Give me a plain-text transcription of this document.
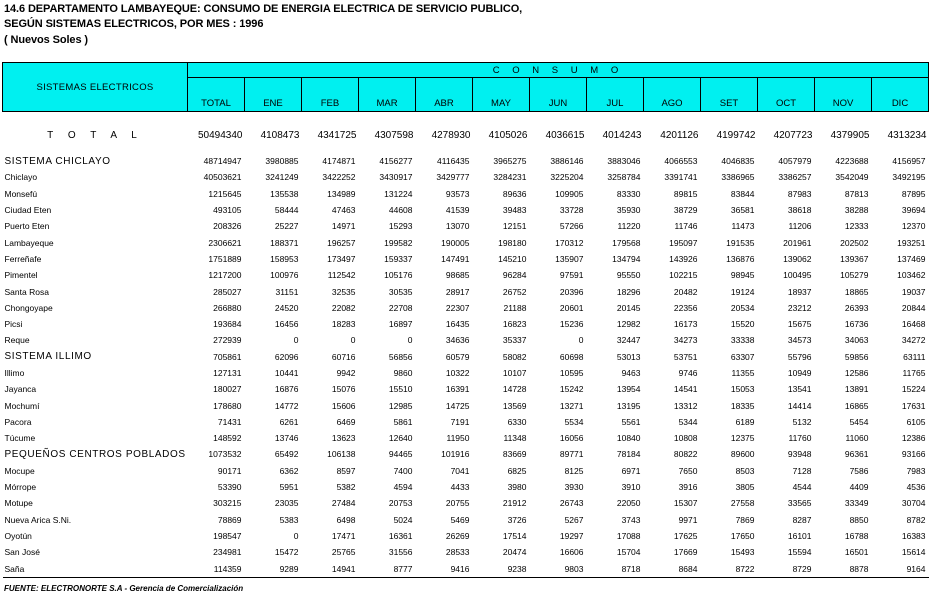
14.6 DEPARTAMENTO LAMBAYEQUE: CONSUMO DE ENERGIA ELECTRICA DE SERVICIO PUBLICO,
SEGÚN SISTEMAS ELECTRICOS, POR MES : 1996
( Nuevos Soles )
SISTEMAS ELECTRICOS	C O N S U M O												
	TOTAL	ENE	FEB	MAR	ABR	MAY	JUN	JUL	AGO	SET	OCT	NOV	DIC

T O T A L	50494340	4108473	4341725	4307598	4278930	4105026	4036615	4014243	4201126	4199742	4207723	4379905	4313234

SISTEMA CHICLAYO	48714947	3980885	4174871	4156277	4116435	3965275	3886146	3883046	4066553	4046835	4057979	4223688	4156957
Chiclayo	40503621	3241249	3422252	3430917	3429777	3284231	3225204	3258784	3391741	3386965	3386257	3542049	3492195
Monsefú	1215645	135538	134989	131224	93573	89636	109905	83330	89815	83844	87983	87813	87895
Ciudad Eten	493105	58444	47463	44608	41539	39483	33728	35930	38729	36581	38618	38288	39694
Puerto Eten	208326	25227	14971	15293	13070	12151	57266	11220	11746	11473	11206	12333	12370
Lambayeque	2306621	188371	196257	199582	190005	198180	170312	179568	195097	191535	201961	202502	193251
Ferreñafe	1751889	158953	173497	159337	147491	145210	135907	134794	143926	136876	139062	139367	137469
Pimentel	1217200	100976	112542	105176	98685	96284	97591	95550	102215	98945	100495	105279	103462
Santa Rosa	285027	31151	32535	30535	28917	26752	20396	18296	20482	19124	18937	18865	19037
Chongoyape	266880	24520	22082	22708	22307	21188	20601	20145	22356	20534	23212	26393	20844
Picsi	193684	16456	18283	16897	16435	16823	15236	12982	16173	15520	15675	16736	16468
Reque	272939	0	0	0	34636	35337	0	32447	34273	33338	34573	34063	34272
SISTEMA ILLIMO	705861	62096	60716	56856	60579	58082	60698	53013	53751	63307	55796	59856	63111
Illimo	127131	10441	9942	9860	10322	10107	10595	9463	9746	11355	10949	12586	11765
Jayanca	180027	16876	15076	15510	16391	14728	15242	13954	14541	15053	13541	13891	15224
Mochumí	178680	14772	15606	12985	14725	13569	13271	13195	13312	18335	14414	16865	17631
Pacora	71431	6261	6469	5861	7191	6330	5534	5561	5344	6189	5132	5454	6105
Túcume	148592	13746	13623	12640	11950	11348	16056	10840	10808	12375	11760	11060	12386
PEQUEÑOS CENTROS POBLADOS	1073532	65492	106138	94465	101916	83669	89771	78184	80822	89600	93948	96361	93166
Mocupe	90171	6362	8597	7400	7041	6825	8125	6971	7650	8503	7128	7586	7983
Mórrope	53390	5951	5382	4594	4433	3980	3930	3910	3916	3805	4544	4409	4536
Motupe	303215	23035	27484	20753	20755	21912	26743	22050	15307	27558	33565	33349	30704
Nueva Arica S.Ni.	78869	5383	6498	5024	5469	3726	5267	3743	9971	7869	8287	8850	8782
Oyotún	198547	0	17471	16361	26269	17514	19297	17088	17625	17650	16101	16788	16383
San José	234981	15472	25765	31556	28533	20474	16606	15704	17669	15493	15594	16501	15614
Saña	114359	9289	14941	8777	9416	9238	9803	8718	8684	8722	8729	8878	9164

FUENTE: ELECTRONORTE S.A - Gerencia de Comercialización
